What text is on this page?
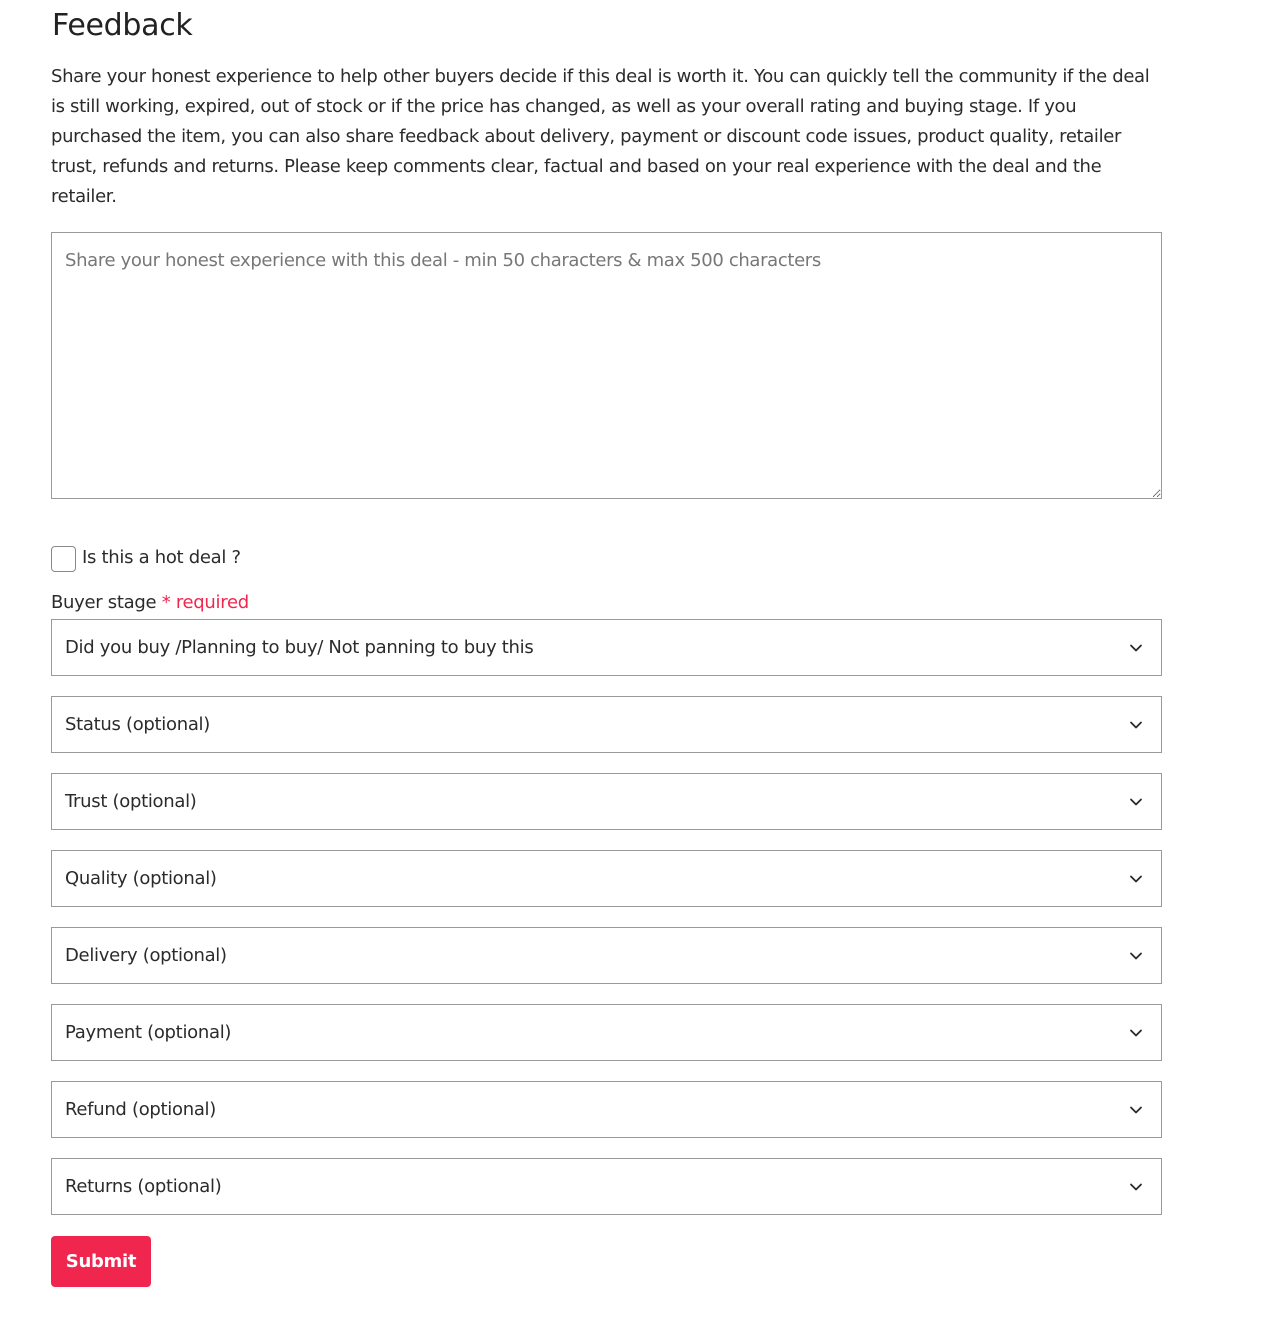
Feedback

Share your honest experience to help other buyers decide if this deal is worth it. You can quickly tell the community if the deal is still working, expired, out of stock or if the price has changed, as well as your overall rating and buying stage. If you purchased the item, you can also share feedback about delivery, payment or discount code issues, product quality, retailer trust, refunds and returns. Please keep comments clear, factual and based on your real experience with the deal and the retailer.

Share your honest experience with this deal - min 50 characters & max 500 characters
Is this a hot deal ?
Buyer stage * required
Did you buy /Planning to buy/ Not panning to buy this
Status (optional)
Trust (optional)
Quality (optional)
Delivery (optional)
Payment (optional)
Refund (optional)
Returns (optional)
Submit
